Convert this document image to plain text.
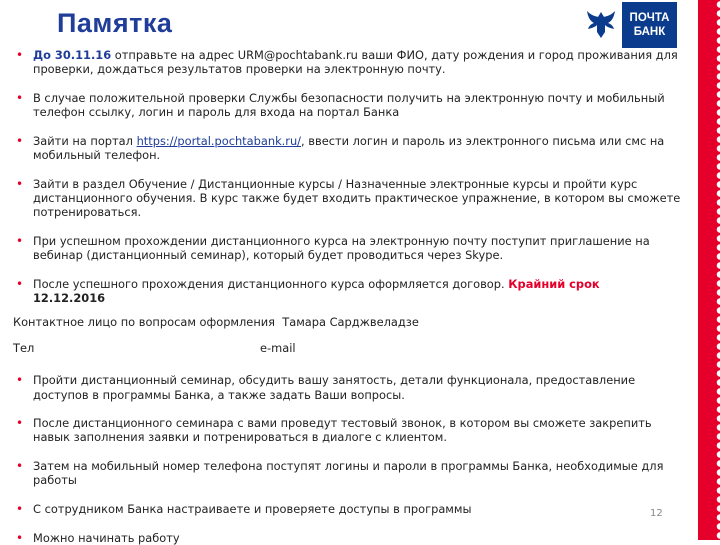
Памятка	ПОЧТА
БАНК
• До 30.11.16 отправьте на адрес URM@pochtabank.ru ваши ФИО, дату рождения и город проживания для проверки, дождаться результатов проверки на электронную почту.
• В случае положительной проверки Службы безопасности получить на электронную почту и мобильный телефон ссылку, логин и пароль для входа на портал Банка
• Зайти на портал https://portal.pochtabank.ru/, ввести логин и пароль из электронного письма или смс на мобильный телефон.
• Зайти в раздел Обучение / Дистанционные курсы / Назначенные электронные курсы и пройти курс дистанционного обучения. В курс также будет входить практическое упражнение, в котором вы сможете потренироваться.
• При успешном прохождении дистанционного курса на электронную почту поступит приглашение на вебинар (дистанционный семинар), который будет проводиться через Skype.
• После успешного прохождения дистанционного курса оформляется договор. Крайний срок
12.12.2016
Контактное лицо по вопросам оформления  Тамара Сарджвеладзе
Тел	e-mail
• Пройти дистанционный семинар, обсудить вашу занятость, детали функционала, предоставление доступов в программы Банка, а также задать Ваши вопросы.
• После дистанционного семинара с вами проведут тестовый звонок, в котором вы сможете закрепить навык заполнения заявки и потренироваться в диалоге с клиентом.
• Затем на мобильный номер телефона поступят логины и пароли в программы Банка, необходимые для работы
• С сотрудником Банка настраиваете и проверяете доступы в программы
• Можно начинать работу
12
